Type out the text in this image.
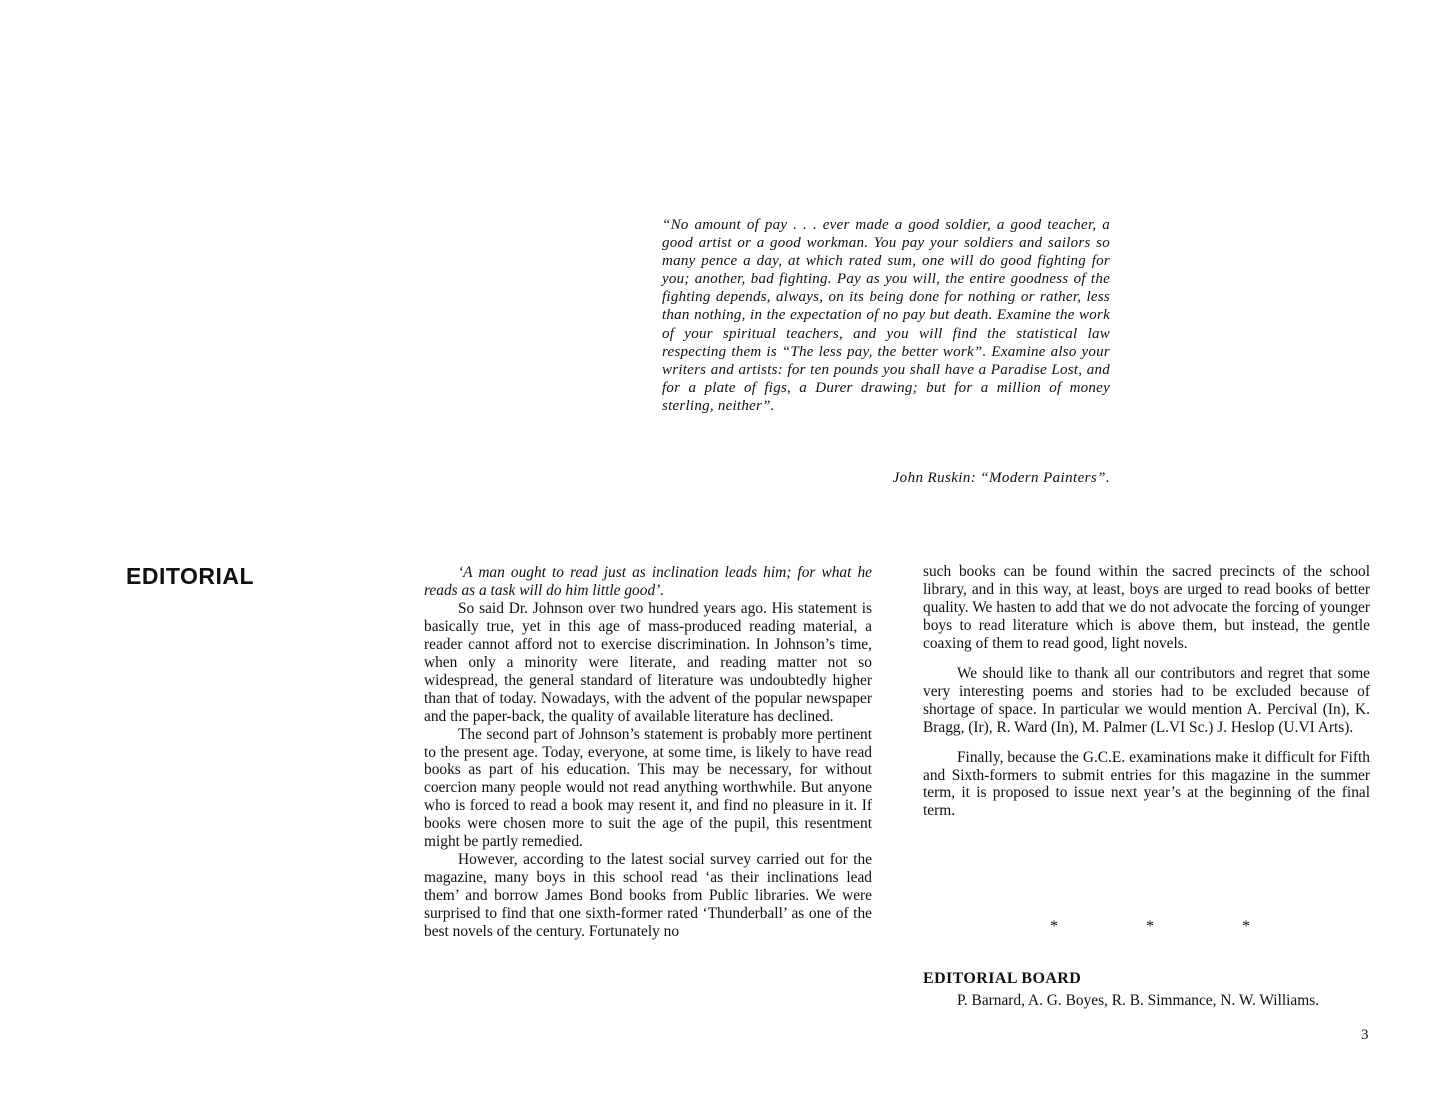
“No amount of pay . . . ever made a good soldier, a good teacher, a good artist or a good workman. You pay your soldiers and sailors so many pence a day, at which rated sum, one will do good fighting for you; another, bad fighting. Pay as you will, the entire goodness of the fighting depends, always, on its being done for nothing or rather, less than nothing, in the expectation of no pay but death. Examine the work of your spiritual teachers, and you will find the statistical law respecting them is “The less pay, the better work”. Examine also your writers and artists: for ten pounds you shall have a Paradise Lost, and for a plate of figs, a Durer drawing; but for a million of money sterling, neither”.
John Ruskin: “Modern Painters”.
EDITORIAL	‘A man ought to read just as inclination leads him; for what he reads as a task will do him little good’.

So said Dr. Johnson over two hundred years ago. His statement is basically true, yet in this age of mass-produced reading material, a reader cannot afford not to exercise discrimination. In Johnson’s time, when only a minority were literate, and reading matter not so widespread, the general standard of literature was undoubtedly higher than that of today. Nowadays, with the advent of the popular newspaper and the paper-back, the quality of available literature has declined.

The second part of Johnson’s statement is probably more pertinent to the present age. Today, everyone, at some time, is likely to have read books as part of his education. This may be necessary, for without coercion many people would not read anything worthwhile. But anyone who is forced to read a book may resent it, and find no pleasure in it. If books were chosen more to suit the age of the pupil, this resentment might be partly remedied.

However, according to the latest social survey carried out for the magazine, many boys in this school read ‘as their inclinations lead them’ and borrow James Bond books from Public libraries. We were surprised to find that one sixth-former rated ‘Thunderball’ as one of the best novels of the century. Fortunately no

such books can be found within the sacred precincts of the school library, and in this way, at least, boys are urged to read books of better quality. We hasten to add that we do not advocate the forcing of younger boys to read literature which is above them, but instead, the gentle coaxing of them to read good, light novels.

We should like to thank all our contributors and regret that some very interesting poems and stories had to be excluded because of shortage of space. In particular we would mention A. Percival (In), K. Bragg, (Ir), R. Ward (In), M. Palmer (L.VI Sc.) J. Heslop (U.VI Arts).

Finally, because the G.C.E. examinations make it difficult for Fifth and Sixth-formers to submit entries for this magazine in the summer term, it is proposed to issue next year’s at the beginning of the final term.

*	*	*
EDITORIAL BOARD
P. Barnard, A. G. Boyes, R. B. Simmance, N. W. Williams.
3
